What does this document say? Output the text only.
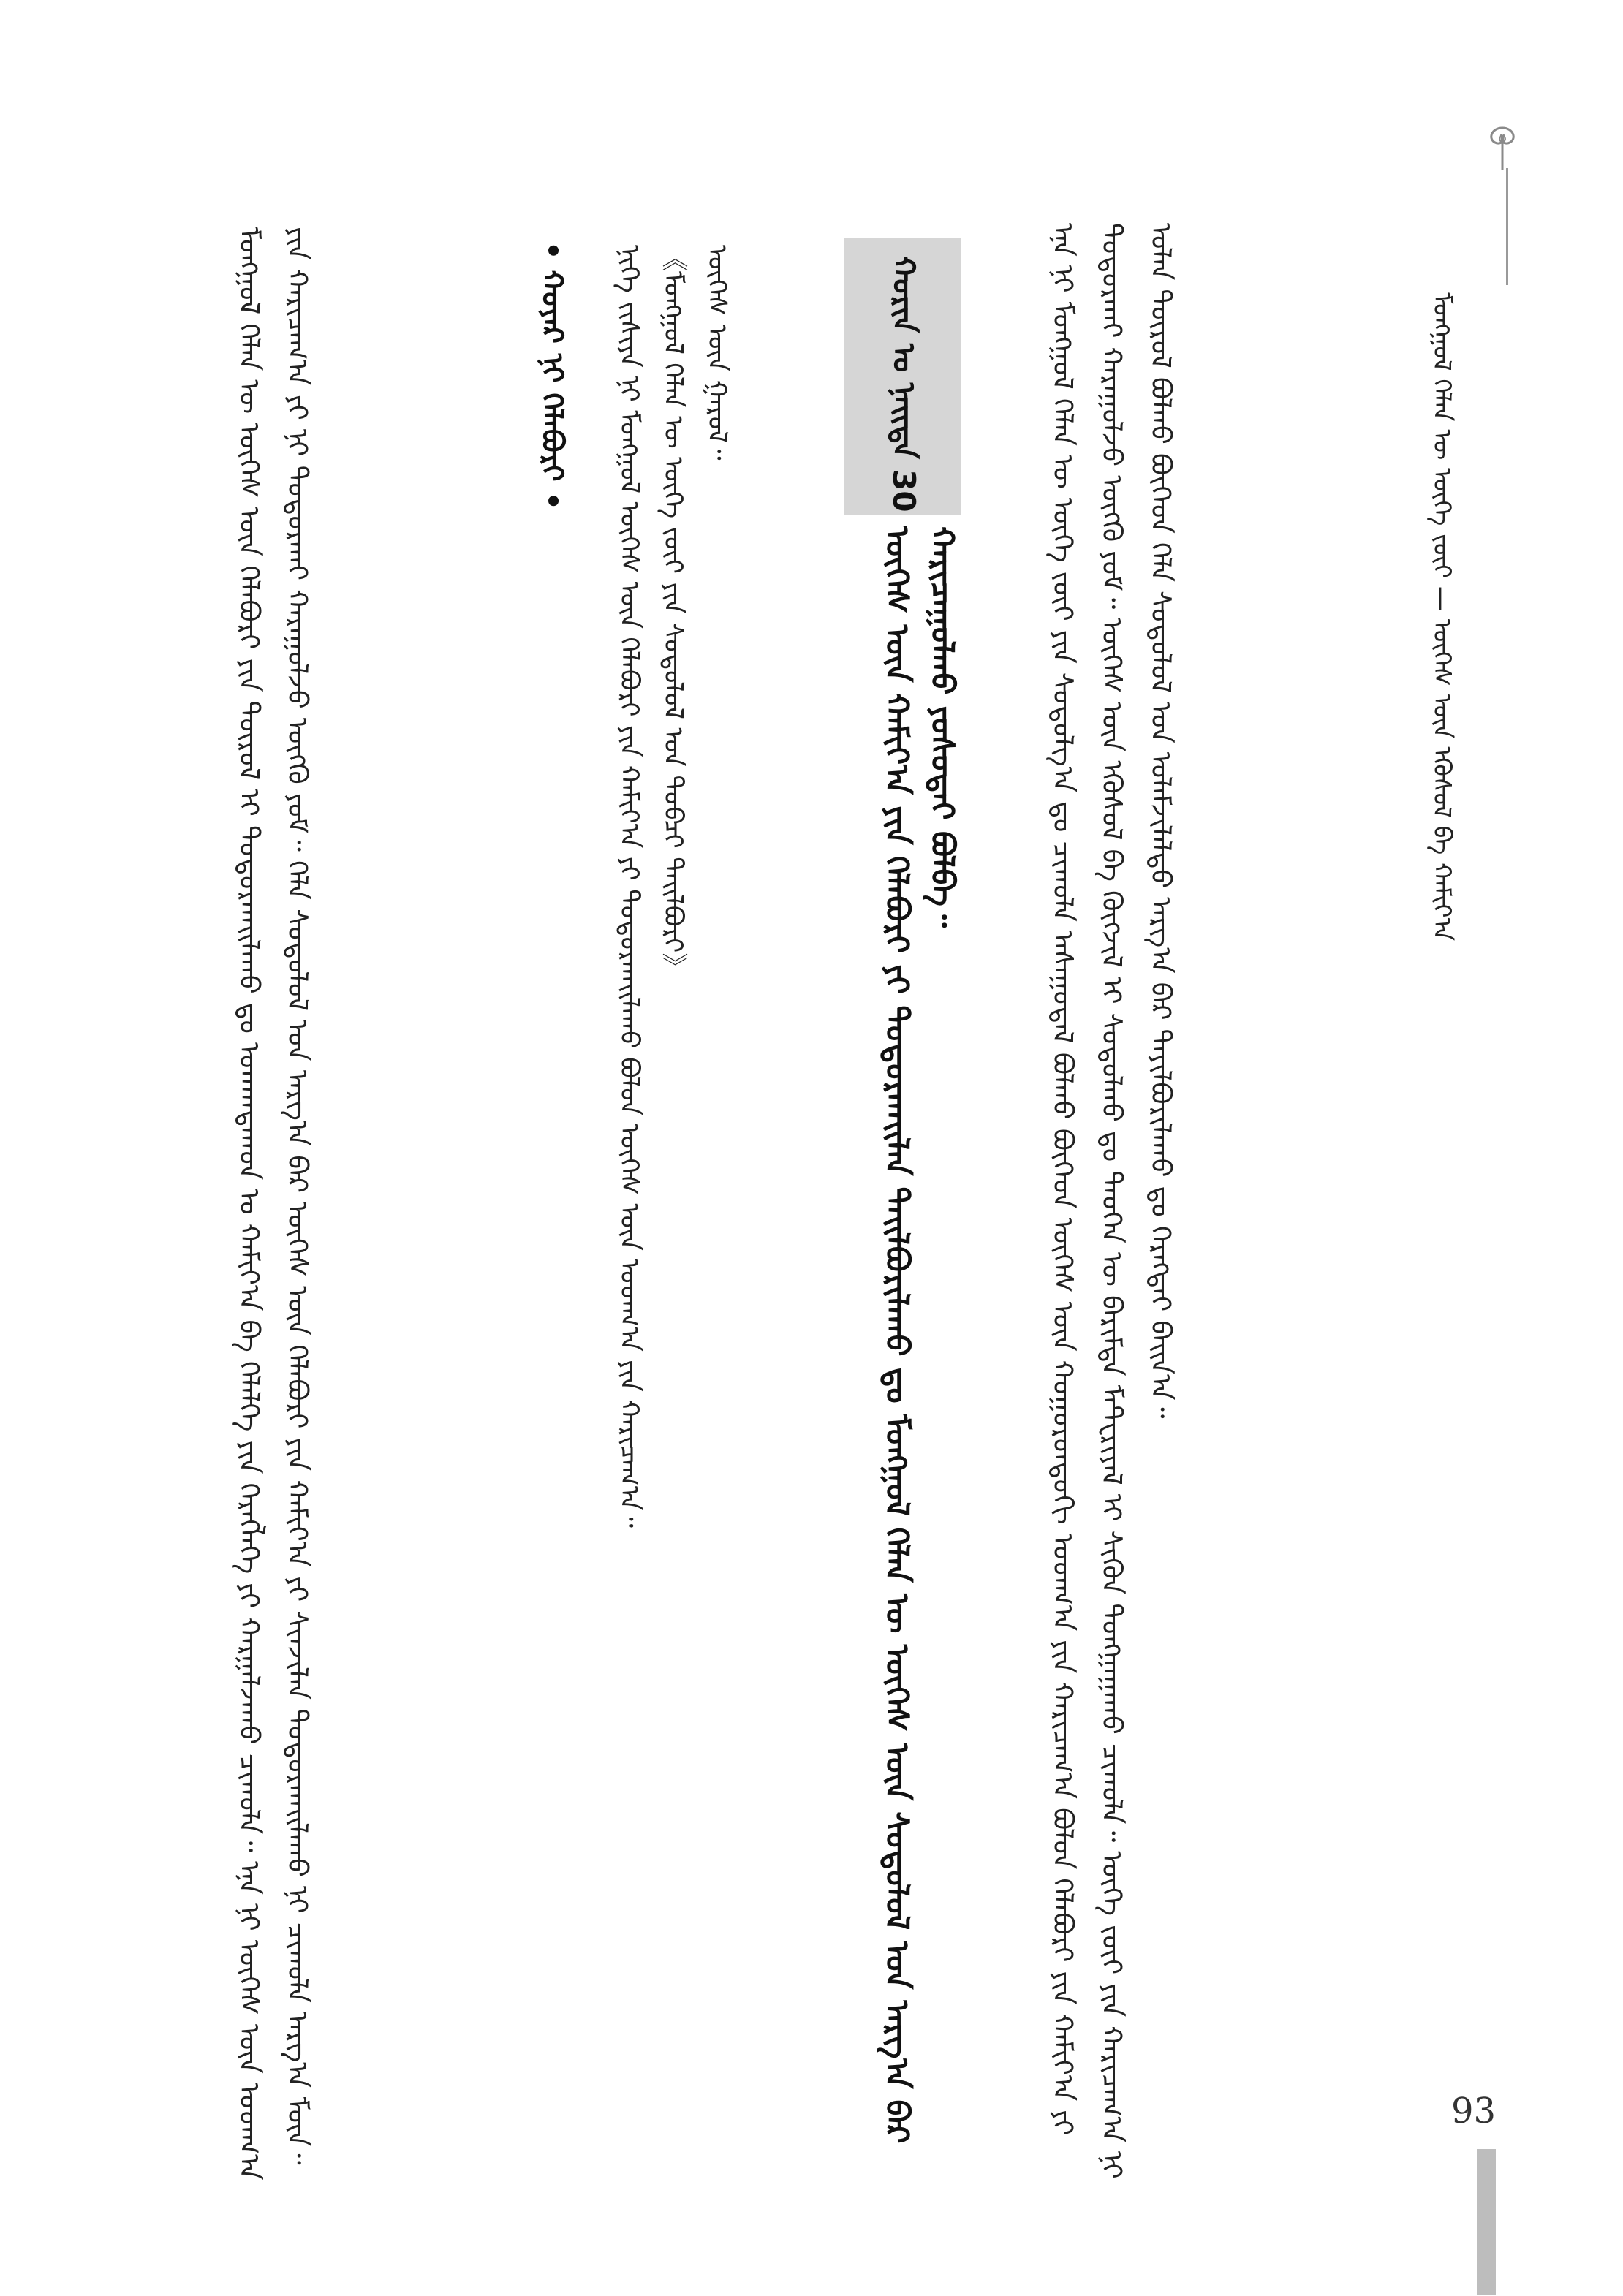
ᠮᠣᠩᠭᠣᠯ ᠬᠡᠯᠡᠨ ᠦ ᠦᠭᠡ ᠵᠦᠢ — ᠦᠭᠡᠰ ᠦᠨ ᠡᠭᠦᠰᠦᠯ ᠪᠠ ᠬᠠᠮᠢᠶ᠎ᠠ

ᠡᠨᠡ ᠨᠢ ᠮᠣᠩᠭᠣᠯ ᠬᠡᠯᠡᠨ ᠦ ᠦᠭᠡ ᠵᠦᠢ ᠶᠢᠨ ᠰᠤᠳᠤᠯᠭ᠎ᠠ ᠳᠤ ᠴᠢᠬᠤᠯᠠ ᠠᠰᠠᠭᠤᠳᠠᠯ ᠪᠣᠯᠬᠤ ᠪᠥᠭᠡᠳ ᠦᠭᠡᠰ ᠦᠨ ᠬᠣᠭᠣᠷᠣᠨᠳᠣᠬᠢ ᠤᠳᠬ᠎ᠠ ᠶᠢᠨ ᠬᠠᠷᠢᠴᠠᠭ᠎ᠠ ᠪᠣᠯᠤᠨ ᠬᠡᠯᠡᠪᠦᠷᠢ ᠶᠢᠨ ᠬᠠᠮᠢᠶ᠎ᠠ ᠶᠢ ᠲᠣᠳᠣᠷᠬᠠᠢ ᠬᠠᠷᠠᠭᠤᠯᠵᠤ ᠥᠭᠬᠦ ᠶᠤᠮ᠃ ᠦᠭᠡᠰ ᠦᠨ ᠡᠭᠦᠰᠦᠯ ᠪᠠ ᠬᠥᠭᠵᠢᠯ ᠢ ᠰᠤᠳᠤᠯᠬᠤ ᠳᠤ ᠲᠡᠦᠬᠡᠨ ᠦ ᠪᠠᠷᠢᠮᠲᠠ ᠮᠠᠲᠧᠷᠢᠶᠠᠯ ᠢ ᠰᠢᠭᠦᠨ ᠲᠤᠩᠭᠠᠭᠠᠬᠤ ᠴᠢᠬᠤᠯᠠ᠃ ᠦᠭᠡ ᠵᠦᠢ ᠶᠢᠨ ᠬᠠᠷᠢᠴᠠᠭ᠎ᠠ ᠨᠢ ᠣᠯᠠᠨ ᠲᠥᠷᠥᠯ ᠪᠣᠯᠬᠤ ᠪᠥᠭᠡᠳ ᠬᠡᠯᠡ ᠰᠤᠳᠤᠯᠤᠯ ᠤᠨ ᠤᠯᠠᠮᠵᠢᠯᠠᠯᠲᠤ ᠠᠷᠭ᠎ᠠ ᠪᠠᠷ ᠲᠠᠶᠢᠯᠪᠤᠷᠢᠯᠠᠬᠤ ᠳᠤ ᠬᠡᠷᠡᠭᠲᠡᠢ ᠪᠠᠢᠨ᠎ᠠ᠃

ᠬᠣᠷᠢᠨ ᠤ ᠨᠡᠢᠲᠡ 30
ᠦᠭᠡᠰ ᠦᠨ ᠬᠠᠮᠢᠶ᠎ᠠ ᠶᠢᠨ ᠬᠡᠯᠡᠪᠦᠷᠢ ᠶᠢ ᠲᠣᠳᠣᠷᠬᠠᠢᠯᠠᠨ ᠲᠠᠢᠯᠪᠤᠷᠢᠯᠠᠬᠤ ᠳᠤ ᠮᠣᠩᠭᠣᠯ ᠬᠡᠯᠡᠨ ᠦ ᠦᠭᠡᠰ ᠦᠨ ᠰᠤᠳᠤᠯᠤᠯ ᠤᠨ ᠠᠷᠭ᠎ᠠ ᠪᠠᠷ ᠬᠠᠷᠢᠴᠠᠭᠤᠯᠬᠤ ᠶᠤᠰᠤᠲᠠᠢ ᠪᠣᠯᠪᠠ᠃
ᠨᠢᠭᠡ ᠵᠢᠱᠢᠶᠡ ᠨᠢ ᠮᠣᠩᠭᠣᠯ ᠦᠭᠡᠰ ᠦᠨ ᠬᠡᠯᠡᠪᠦᠷᠢ ᠶᠢᠨ ᠬᠠᠮᠢᠶ᠎ᠠ ᠶᠢ ᠲᠣᠳᠣᠷᠬᠠᠢᠯᠠᠬᠤ ᠪᠣᠯᠤᠨ ᠦᠭᠡᠰ ᠦᠨ ᠤᠳᠬ᠎ᠠ ᠶᠢᠨ ᠬᠠᠷᠢᠴᠠᠭ᠎ᠠ᠃ 《ᠮᠣᠩᠭᠣᠯ ᠬᠡᠯᠡᠨ ᠦ ᠦᠭᠡ ᠵᠦᠢ ᠶᠢᠨ ᠰᠤᠳᠤᠯᠤᠯ ᠤᠨ ᠲᠣᠪᠴᠢ ᠲᠠᠢᠯᠪᠤᠷᠢ》 ᠦᠭᠡᠰ ᠦᠨ ᠭᠠᠷᠤᠯ᠃
• ᠬᠣᠶᠠᠷ ᠨᠢ ᠬᠡᠯᠡᠪᠦᠷᠢ •

ᠮᠣᠩᠭᠣᠯ ᠬᠡᠯᠡᠨ ᠦ ᠦᠭᠡᠰ ᠦᠨ ᠬᠡᠯᠡᠪᠦᠷᠢ ᠶᠢᠨ ᠲᠥᠷᠥᠯ ᠢ ᠲᠣᠳᠣᠷᠬᠠᠢᠯᠠᠬᠤ ᠳᠤ ᠤᠬᠠᠭᠳᠠᠬᠤᠨ ᠤ ᠬᠠᠮᠢᠶ᠎ᠠ ᠪᠠ ᠬᠡᠯᠡᠯᠭᠡ ᠶᠢᠨ ᠬᠡᠷᠡᠭᠯᠡᠭᠡ ᠶᠢ ᠬᠠᠷᠭᠠᠯᠵᠠᠬᠤ ᠴᠢᠬᠤᠯᠠ᠃ ᠡᠨᠡ ᠨᠢ ᠦᠭᠡᠰ ᠦᠨ ᠤᠳᠬ᠎ᠠ ᠶᠢᠨ ᠬᠠᠷᠢᠴᠠᠭ᠎ᠠ ᠶᠢ ᠨᠢ ᠲᠣᠳᠣᠷᠬᠠᠢ ᠬᠠᠷᠠᠭᠤᠯᠵᠤ ᠥᠭᠬᠦ ᠶᠤᠮ᠃ ᠬᠡᠯᠡ ᠰᠤᠳᠤᠯᠤᠯ ᠤᠨ ᠠᠷᠭ᠎ᠠ ᠪᠠᠷ ᠦᠭᠡᠰ ᠦᠨ ᠬᠡᠯᠡᠪᠦᠷᠢ ᠶᠢᠨ ᠬᠠᠮᠢᠶ᠎ᠠ ᠶᠢ ᠰᠢᠨᠵᠢᠯᠡᠨ ᠲᠣᠳᠣᠷᠬᠠᠢᠯᠠᠬᠤ ᠨᠢ ᠴᠢᠬᠤᠯᠠ ᠠᠷᠭ᠎ᠠ ᠮᠥᠨ᠃	93
